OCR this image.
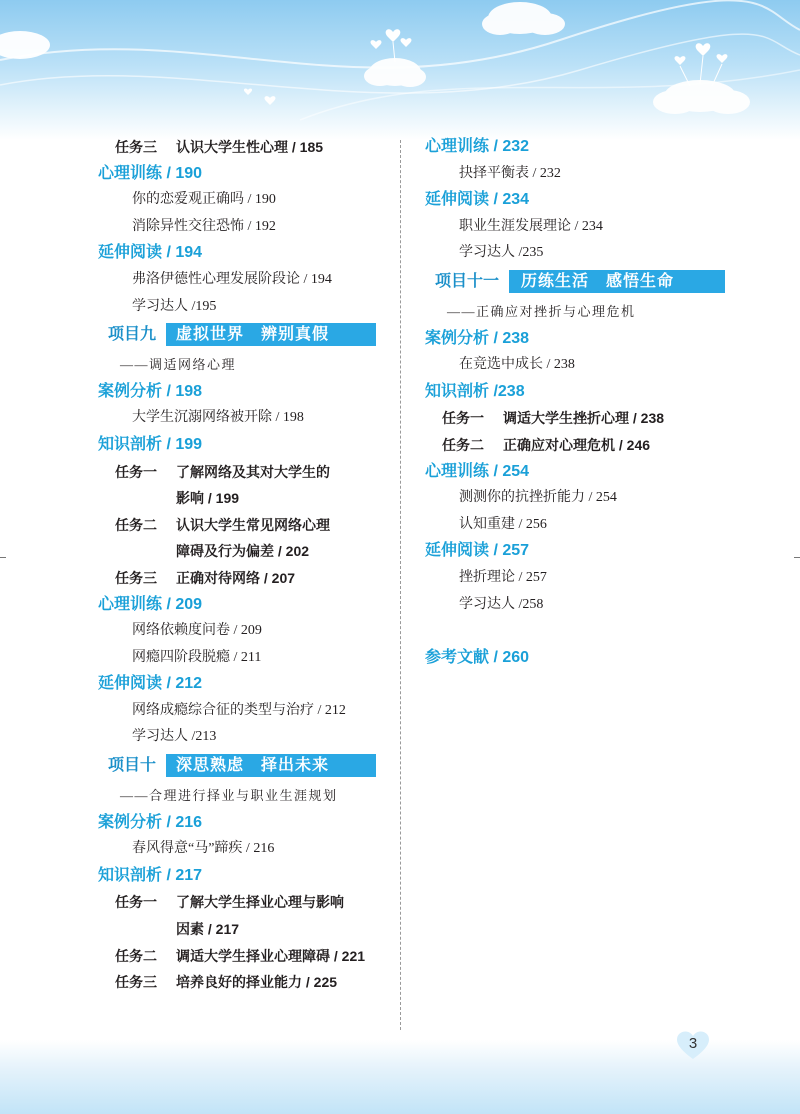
任务三 认识大学生性心理 / 185
心理训练 / 190
你的恋爱观正确吗 / 190
消除异性交往恐怖 / 192
延伸阅读 / 194
弗洛伊德性心理发展阶段论 / 194
学习达人 /195
项目九	虚拟世界　辨别真假
——调适网络心理
案例分析 / 198
大学生沉溺网络被开除 / 198
知识剖析 / 199
任务一 了解网络及其对大学生的
影响 / 199
任务二 认识大学生常见网络心理
障碍及行为偏差 / 202
任务三 正确对待网络 / 207
心理训练 / 209
网络依赖度问卷 / 209
网瘾四阶段脱瘾 / 211
延伸阅读 / 212
网络成瘾综合征的类型与治疗 / 212
学习达人 /213
项目十	深思熟虑　择出未来
——合理进行择业与职业生涯规划
案例分析 / 216
春风得意“马”蹄疾 / 216
知识剖析 / 217
任务一 了解大学生择业心理与影响
因素 / 217
任务二 调适大学生择业心理障碍 / 221
任务三 培养良好的择业能力 / 225
心理训练 / 232
抉择平衡表 / 232
延伸阅读 / 234
职业生涯发展理论 / 234
学习达人 /235
项目十一	历练生活　感悟生命
——正确应对挫折与心理危机
案例分析 / 238
在竞选中成长 / 238
知识剖析 /238
任务一 调适大学生挫折心理 / 238
任务二 正确应对心理危机 / 246
心理训练 / 254
测测你的抗挫折能力 / 254
认知重建 / 256
延伸阅读 / 257
挫折理论 / 257
学习达人 /258
参考文献 / 260
3
